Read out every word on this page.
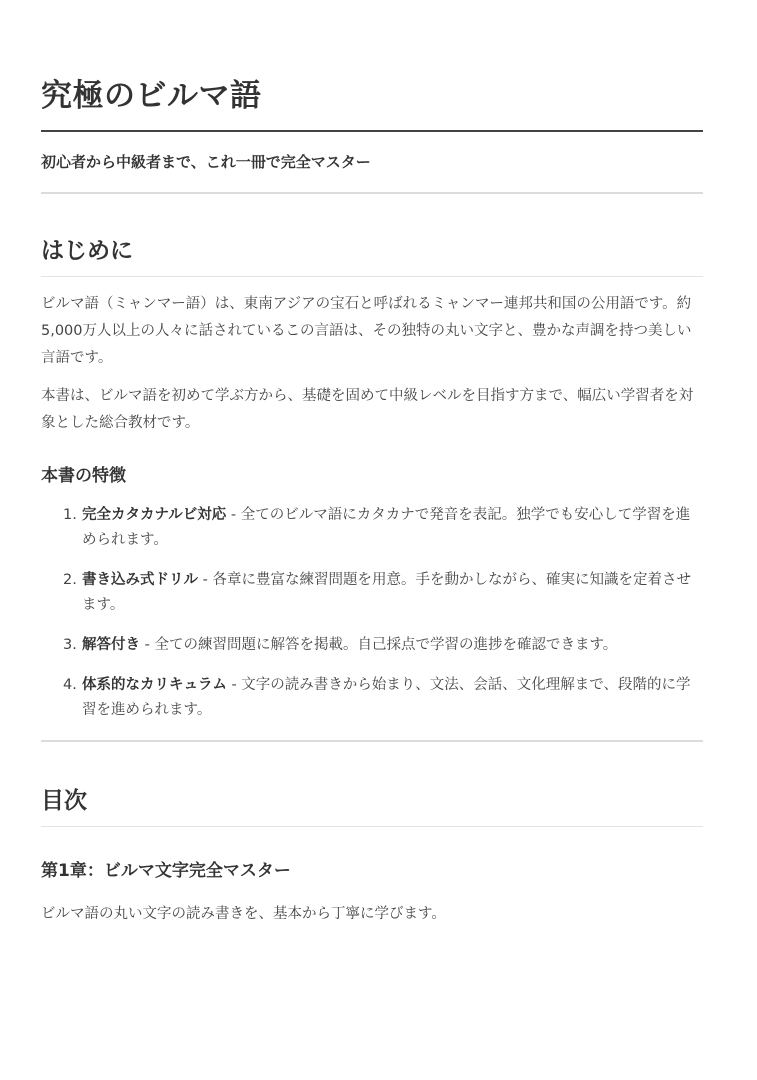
究極のビルマ語
初心者から中級者まで、これ一冊で完全マスター
はじめに

ビルマ語（ミャンマー語）は、東南アジアの宝石と呼ばれるミャンマー連邦共和国の公用語です。約5,000万人以上の人々に話されているこの言語は、その独特の丸い文字と、豊かな声調を持つ美しい言語です。

本書は、ビルマ語を初めて学ぶ方から、基礎を固めて中級レベルを目指す方まで、幅広い学習者を対象とした総合教材です。

本書の特徴
1. 完全カタカナルビ対応 - 全てのビルマ語にカタカナで発音を表記。独学でも安心して学習を進められます。
2. 書き込み式ドリル - 各章に豊富な練習問題を用意。手を動かしながら、確実に知識を定着させます。
3. 解答付き - 全ての練習問題に解答を掲載。自己採点で学習の進捗を確認できます。
4. 体系的なカリキュラム - 文字の読み書きから始まり、文法、会話、文化理解まで、段階的に学習を進められます。
目次
第1章：ビルマ文字完全マスター

ビルマ語の丸い文字の読み書きを、基本から丁寧に学びます。
